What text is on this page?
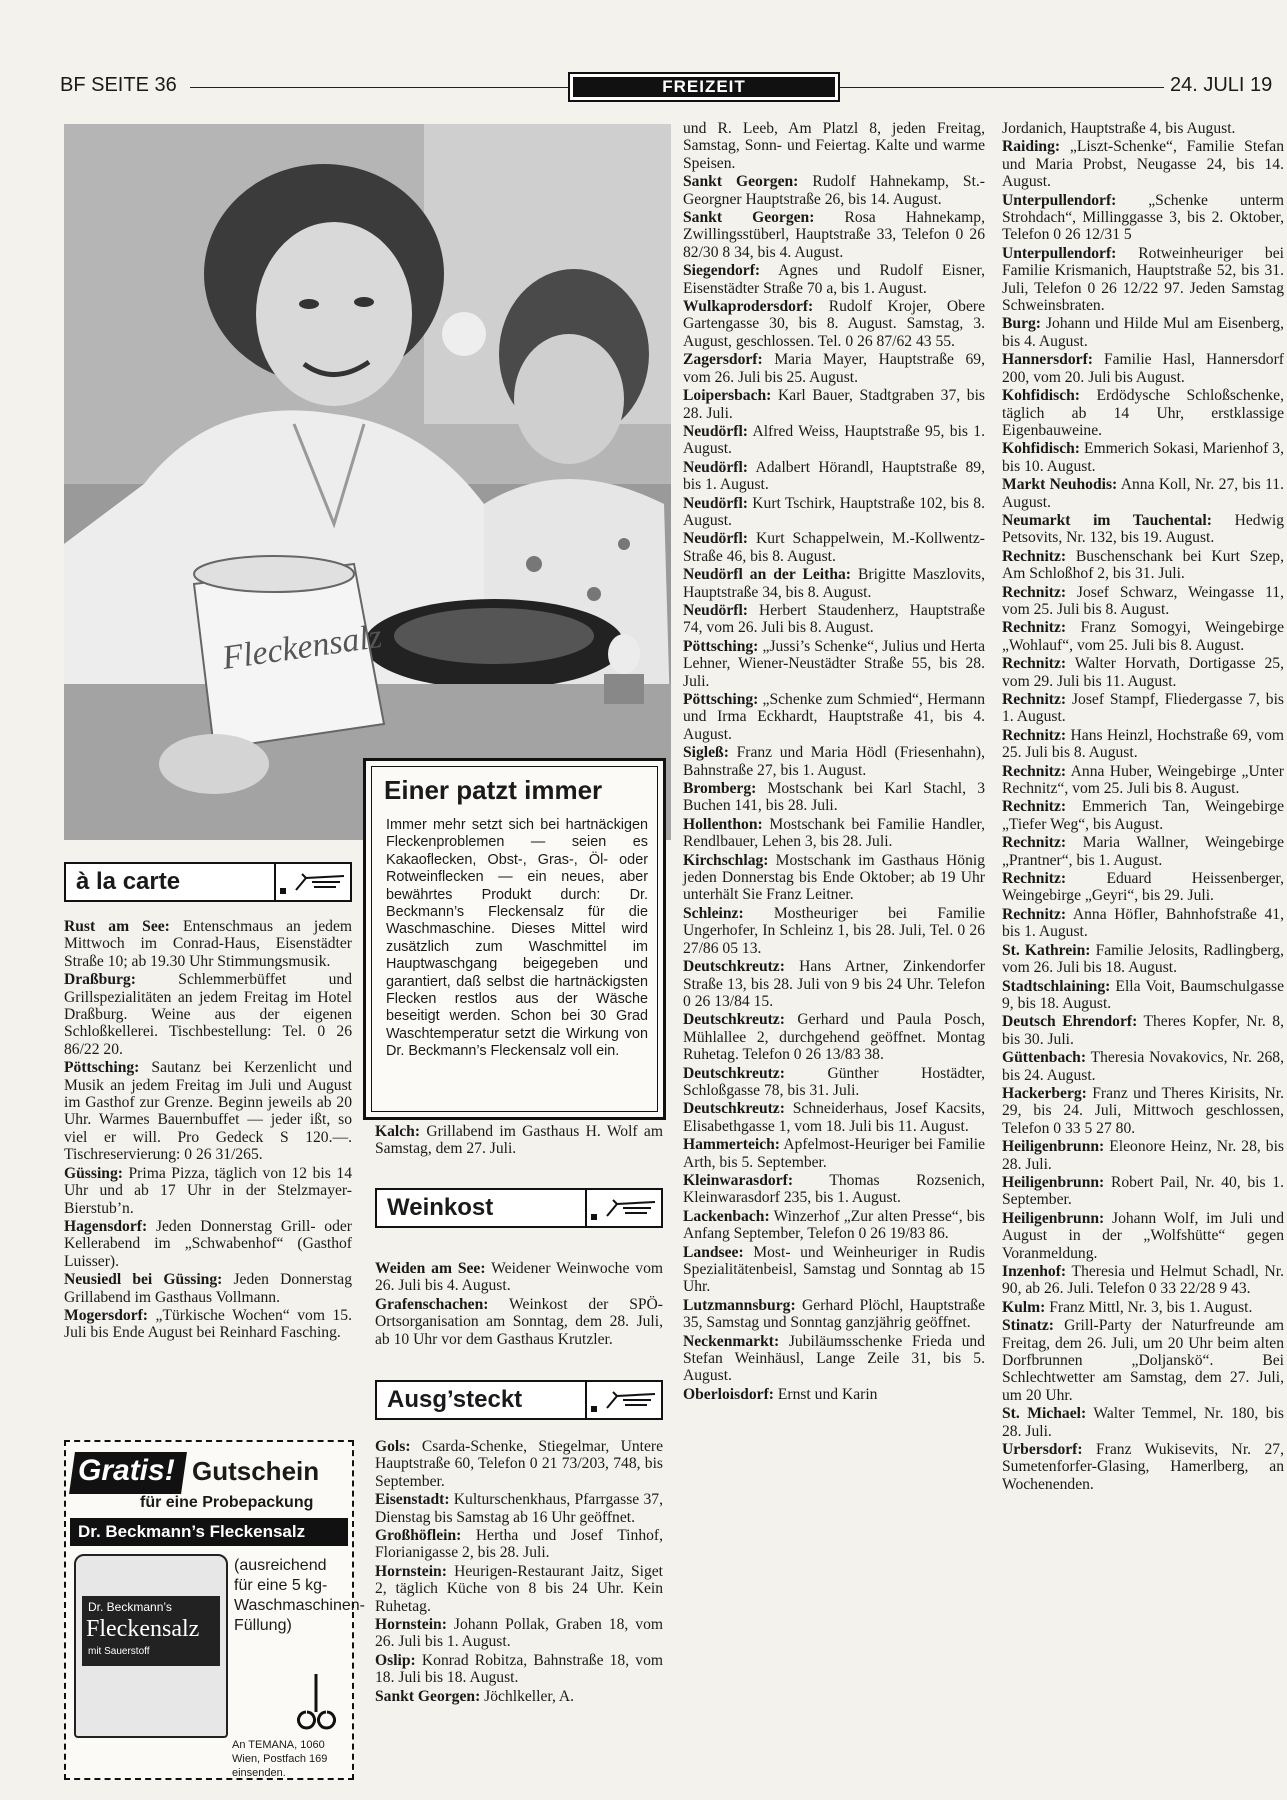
BF SEITE 36	FREIZEIT	24. JULI 19
Fleckensalz
Einer patzt immer
Immer mehr setzt sich bei hartnäckigen Fleckenproblemen — seien es Kakaoflecken, Obst-, Gras-, Öl- oder Rotweinflecken — ein neues, aber bewährtes Produkt durch: Dr. Beckmann’s Fleckensalz für die Waschmaschine. Dieses Mittel wird zusätzlich zum Waschmittel im Hauptwaschgang beigegeben und garantiert, daß selbst die hartnäckigsten Flecken restlos aus der Wäsche beseitigt werden. Schon bei 30 Grad Waschtemperatur setzt die Wirkung von Dr. Beckmann’s Fleckensalz voll ein.
à la carte

Rust am See: Entenschmaus an jedem Mittwoch im Conrad-Haus, Eisenstädter Straße 10; ab 19.30 Uhr Stimmungsmusik.

Draßburg: Schlemmerbüffet und Grillspezialitäten an jedem Freitag im Hotel Draßburg. Weine aus der eigenen Schloßkellerei. Tischbestellung: Tel. 0 26 86/22 20.

Pöttsching: Sautanz bei Kerzenlicht und Musik an jedem Freitag im Juli und August im Gasthof zur Grenze. Beginn jeweils ab 20 Uhr. Warmes Bauernbuffet — jeder ißt, so viel er will. Pro Gedeck S 120.—. Tischreservierung: 0 26 31/265.

Güssing: Prima Pizza, täglich von 12 bis 14 Uhr und ab 17 Uhr in der Stelzmayer-Bierstub’n.

Hagensdorf: Jeden Donnerstag Grill- oder Kellerabend im „Schwabenhof“ (Gasthof Luisser).

Neusiedl bei Güssing: Jeden Donnerstag Grillabend im Gasthaus Vollmann.

Mogersdorf: „Türkische Wochen“ vom 15. Juli bis Ende August bei Reinhard Fasching.

Kalch: Grillabend im Gasthaus H. Wolf am Samstag, dem 27. Juli.

Weinkost

Weiden am See: Weidener Weinwoche vom 26. Juli bis 4. August.

Grafenschachen: Weinkost der SPÖ-Ortsorganisation am Sonntag, dem 28. Juli, ab 10 Uhr vor dem Gasthaus Krutzler.

Ausg’steckt

Gols: Csarda-Schenke, Stiegelmar, Untere Hauptstraße 60, Telefon 0 21 73/203, 748, bis September.

Eisenstadt: Kulturschenkhaus, Pfarrgasse 37, Dienstag bis Samstag ab 16 Uhr geöffnet.

Großhöflein: Hertha und Josef Tinhof, Florianigasse 2, bis 28. Juli.

Hornstein: Heurigen-Restaurant Jaitz, Siget 2, täglich Küche von 8 bis 24 Uhr. Kein Ruhetag.

Hornstein: Johann Pollak, Graben 18, vom 26. Juli bis 1. August.

Oslip: Konrad Robitza, Bahnstraße 18, vom 18. Juli bis 18. August.

Sankt Georgen: Jöchlkeller, A.

und R. Leeb, Am Platzl 8, jeden Freitag, Samstag, Sonn- und Feiertag. Kalte und warme Speisen.

Sankt Georgen: Rudolf Hahnekamp, St.-Georgner Hauptstraße 26, bis 14. August.

Sankt Georgen: Rosa Hahnekamp, Zwillingsstüberl, Hauptstraße 33, Telefon 0 26 82/30 8 34, bis 4. August.

Siegendorf: Agnes und Rudolf Eisner, Eisenstädter Straße 70 a, bis 1. August.

Wulkaprodersdorf: Rudolf Krojer, Obere Gartengasse 30, bis 8. August. Samstag, 3. August, geschlossen. Tel. 0 26 87/62 43 55.

Zagersdorf: Maria Mayer, Hauptstraße 69, vom 26. Juli bis 25. August.

Loipersbach: Karl Bauer, Stadtgraben 37, bis 28. Juli.

Neudörfl: Alfred Weiss, Hauptstraße 95, bis 1. August.

Neudörfl: Adalbert Hörandl, Hauptstraße 89, bis 1. August.

Neudörfl: Kurt Tschirk, Hauptstraße 102, bis 8. August.

Neudörfl: Kurt Schappelwein, M.-Kollwentz-Straße 46, bis 8. August.

Neudörfl an der Leitha: Brigitte Maszlovits, Hauptstraße 34, bis 8. August.

Neudörfl: Herbert Staudenherz, Hauptstraße 74, vom 26. Juli bis 8. August.

Pöttsching: „Jussi’s Schenke“, Julius und Herta Lehner, Wiener-Neustädter Straße 55, bis 28. Juli.

Pöttsching: „Schenke zum Schmied“, Hermann und Irma Eckhardt, Hauptstraße 41, bis 4. August.

Sigleß: Franz und Maria Hödl (Friesenhahn), Bahnstraße 27, bis 1. August.

Bromberg: Mostschank bei Karl Stachl, 3 Buchen 141, bis 28. Juli.

Hollenthon: Mostschank bei Familie Handler, Rendlbauer, Lehen 3, bis 28. Juli.

Kirchschlag: Mostschank im Gasthaus Hönig jeden Donnerstag bis Ende Oktober; ab 19 Uhr unterhält Sie Franz Leitner.

Schleinz: Mostheuriger bei Familie Ungerhofer, In Schleinz 1, bis 28. Juli, Tel. 0 26 27/86 05 13.

Deutschkreutz: Hans Artner, Zinkendorfer Straße 13, bis 28. Juli von 9 bis 24 Uhr. Telefon 0 26 13/84 15.

Deutschkreutz: Gerhard und Paula Posch, Mühlallee 2, durchgehend geöffnet. Montag Ruhetag. Telefon 0 26 13/83 38.

Deutschkreutz: Günther Hostädter, Schloßgasse 78, bis 31. Juli.

Deutschkreutz: Schneiderhaus, Josef Kacsits, Elisabethgasse 1, vom 18. Juli bis 11. August.

Hammerteich: Apfelmost-Heuriger bei Familie Arth, bis 5. September.

Kleinwarasdorf: Thomas Rozsenich, Kleinwarasdorf 235, bis 1. August.

Lackenbach: Winzerhof „Zur alten Presse“, bis Anfang September, Telefon 0 26 19/83 86.

Landsee: Most- und Weinheuriger in Rudis Spezialitätenbeisl, Samstag und Sonntag ab 15 Uhr.

Lutzmannsburg: Gerhard Plöchl, Hauptstraße 35, Samstag und Sonntag ganzjährig geöffnet.

Neckenmarkt: Jubiläumsschenke Frieda und Stefan Weinhäusl, Lange Zeile 31, bis 5. August.

Oberloisdorf: Ernst und Karin

Jordanich, Hauptstraße 4, bis August.

Raiding: „Liszt-Schenke“, Familie Stefan und Maria Probst, Neugasse 24, bis 14. August.

Unterpullendorf: „Schenke unterm Strohdach“, Millinggasse 3, bis 2. Oktober, Telefon 0 26 12/31 5

Unterpullendorf: Rotweinheuriger bei Familie Krismanich, Hauptstraße 52, bis 31. Juli, Telefon 0 26 12/22 97. Jeden Samstag Schweinsbraten.

Burg: Johann und Hilde Mul am Eisenberg, bis 4. August.

Hannersdorf: Familie Hasl, Hannersdorf 200, vom 20. Juli bis August.

Kohfidisch: Erdödysche Schloßschenke, täglich ab 14 Uhr, erstklassige Eigenbauweine.

Kohfidisch: Emmerich Sokasi, Marienhof 3, bis 10. August.

Markt Neuhodis: Anna Koll, Nr. 27, bis 11. August.

Neumarkt im Tauchental: Hedwig Petsovits, Nr. 132, bis 19. August.

Rechnitz: Buschenschank bei Kurt Szep, Am Schloßhof 2, bis 31. Juli.

Rechnitz: Josef Schwarz, Weingasse 11, vom 25. Juli bis 8. August.

Rechnitz: Franz Somogyi, Weingebirge „Wohlauf“, vom 25. Juli bis 8. August.

Rechnitz: Walter Horvath, Dortigasse 25, vom 29. Juli bis 11. August.

Rechnitz: Josef Stampf, Fliedergasse 7, bis 1. August.

Rechnitz: Hans Heinzl, Hochstraße 69, vom 25. Juli bis 8. August.

Rechnitz: Anna Huber, Weingebirge „Unter Rechnitz“, vom 25. Juli bis 8. August.

Rechnitz: Emmerich Tan, Weingebirge „Tiefer Weg“, bis August.

Rechnitz: Maria Wallner, Weingebirge „Prantner“, bis 1. August.

Rechnitz: Eduard Heissenberger, Weingebirge „Geyri“, bis 29. Juli.

Rechnitz: Anna Höfler, Bahnhofstraße 41, bis 1. August.

St. Kathrein: Familie Jelosits, Radlingberg, vom 26. Juli bis 18. August.

Stadtschlaining: Ella Voit, Baumschulgasse 9, bis 18. August.

Deutsch Ehrendorf: Theres Kopfer, Nr. 8, bis 30. Juli.

Güttenbach: Theresia Novakovics, Nr. 268, bis 24. August.

Hackerberg: Franz und Theres Kirisits, Nr. 29, bis 24. Juli, Mittwoch geschlossen, Telefon 0 33 5 27 80.

Heiligenbrunn: Eleonore Heinz, Nr. 28, bis 28. Juli.

Heiligenbrunn: Robert Pail, Nr. 40, bis 1. September.

Heiligenbrunn: Johann Wolf, im Juli und August in der „Wolfshütte“ gegen Voranmeldung.

Inzenhof: Theresia und Helmut Schadl, Nr. 90, ab 26. Juli. Telefon 0 33 22/28 9 43.

Kulm: Franz Mittl, Nr. 3, bis 1. August.

Stinatz: Grill-Party der Naturfreunde am Freitag, dem 26. Juli, um 20 Uhr beim alten Dorfbrunnen „Doljanskö“. Bei Schlechtwetter am Samstag, dem 27. Juli, um 20 Uhr.

St. Michael: Walter Temmel, Nr. 180, bis 28. Juli.

Urbersdorf: Franz Wukisevits, Nr. 27, Sumetenforfer-Glasing, Hamerlberg, an Wochenenden.

Gratis! Gutschein
für eine Probepackung
Dr. Beckmann’s Fleckensalz
Dr. Beckmann’s
Fleckensalz
mit Sauerstoff
(ausreichend für eine 5 kg-Waschmaschinen-Füllung)
An TEMANA, 1060 Wien, Postfach 169 einsenden.
